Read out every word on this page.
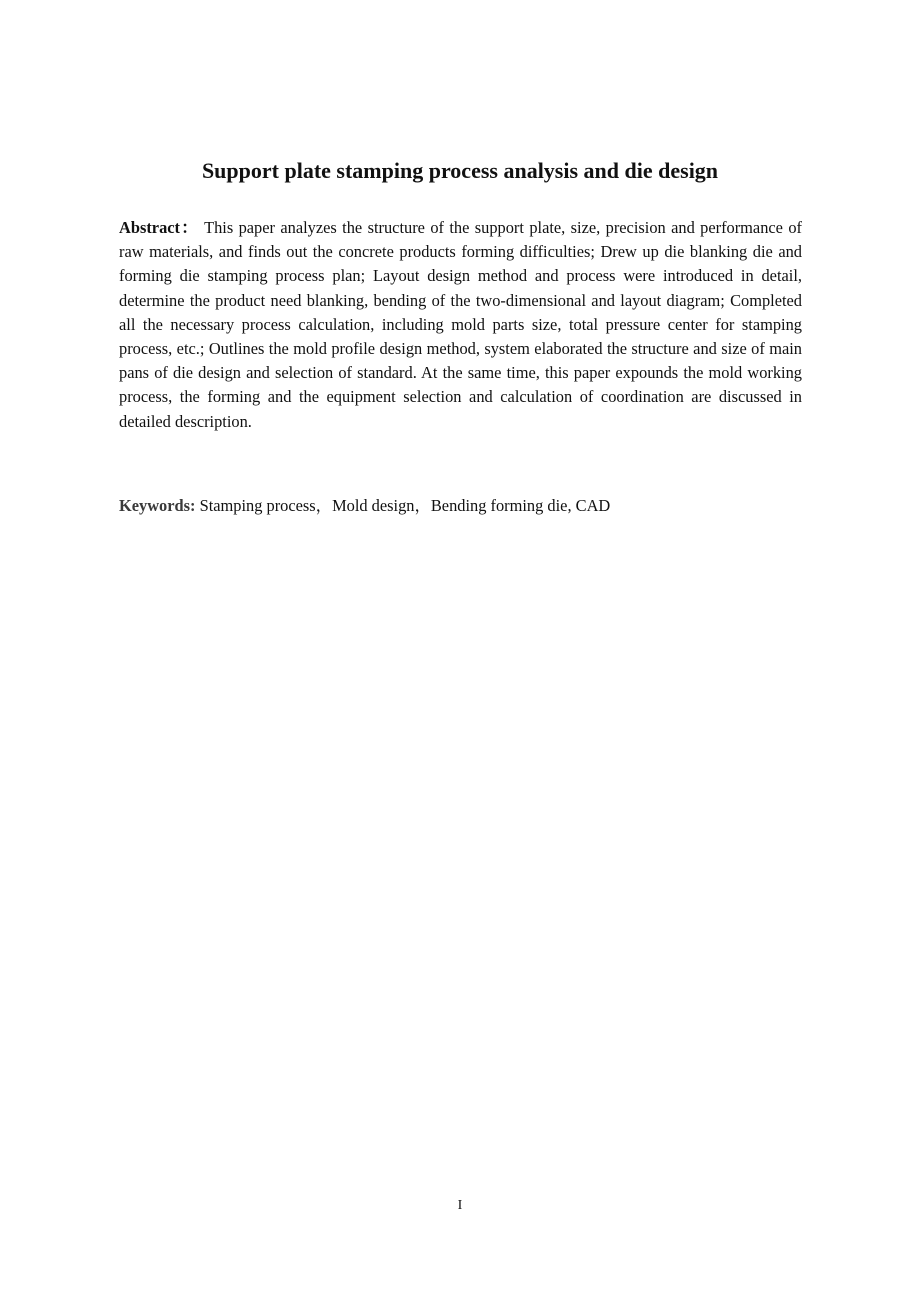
Support plate stamping process analysis and die design

Abstract： This paper analyzes the structure of the support plate, size, precision and performance of raw materials, and finds out the concrete products forming difficulties; Drew up die blanking die and forming die stamping process plan; Layout design method and process were introduced in detail, determine the product need blanking, bending of the two-dimensional and layout diagram; Completed all the necessary process calculation, including mold parts size, total pressure center for stamping process, etc.; Outlines the mold profile design method, system elaborated the structure and size of main pans of die design and selection of standard. At the same time, this paper expounds the mold working process, the forming and the equipment selection and calculation of coordination are discussed in detailed description.

Keywords: Stamping process，Mold design，Bending forming die, CAD

I
